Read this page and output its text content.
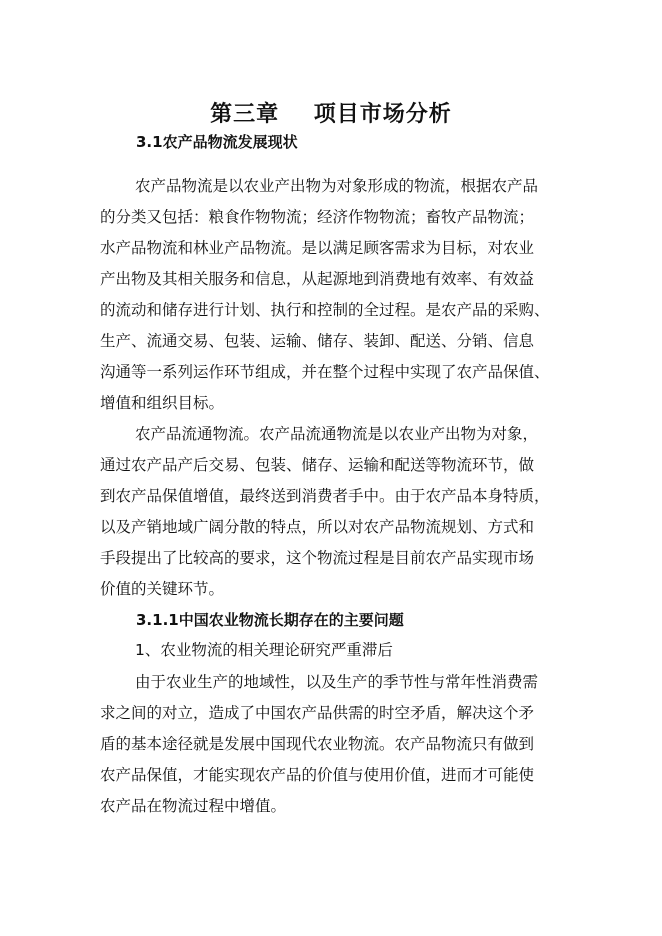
第三章    项目市场分析
3.1农产品物流发展现状
农产品物流是以农业产出物为对象形成的物流，根据农产品
的分类又包括：粮食作物物流；经济作物物流；畜牧产品物流；
水产品物流和林业产品物流。是以满足顾客需求为目标，对农业
产出物及其相关服务和信息，从起源地到消费地有效率、有效益
的流动和储存进行计划、执行和控制的全过程。是农产品的采购、
生产、流通交易、包装、运输、储存、装卸、配送、分销、信息
沟通等一系列运作环节组成，并在整个过程中实现了农产品保值、
增值和组织目标。
农产品流通物流。农产品流通物流是以农业产出物为对象，
通过农产品产后交易、包装、储存、运输和配送等物流环节，做
到农产品保值增值，最终送到消费者手中。由于农产品本身特质，
以及产销地域广阔分散的特点，所以对农产品物流规划、方式和
手段提出了比较高的要求，这个物流过程是目前农产品实现市场
价值的关键环节。
3.1.1中国农业物流长期存在的主要问题
1、农业物流的相关理论研究严重滞后
由于农业生产的地域性，以及生产的季节性与常年性消费需
求之间的对立，造成了中国农产品供需的时空矛盾，解决这个矛
盾的基本途径就是发展中国现代农业物流。农产品物流只有做到
农产品保值，才能实现农产品的价值与使用价值，进而才可能使
农产品在物流过程中增值。
